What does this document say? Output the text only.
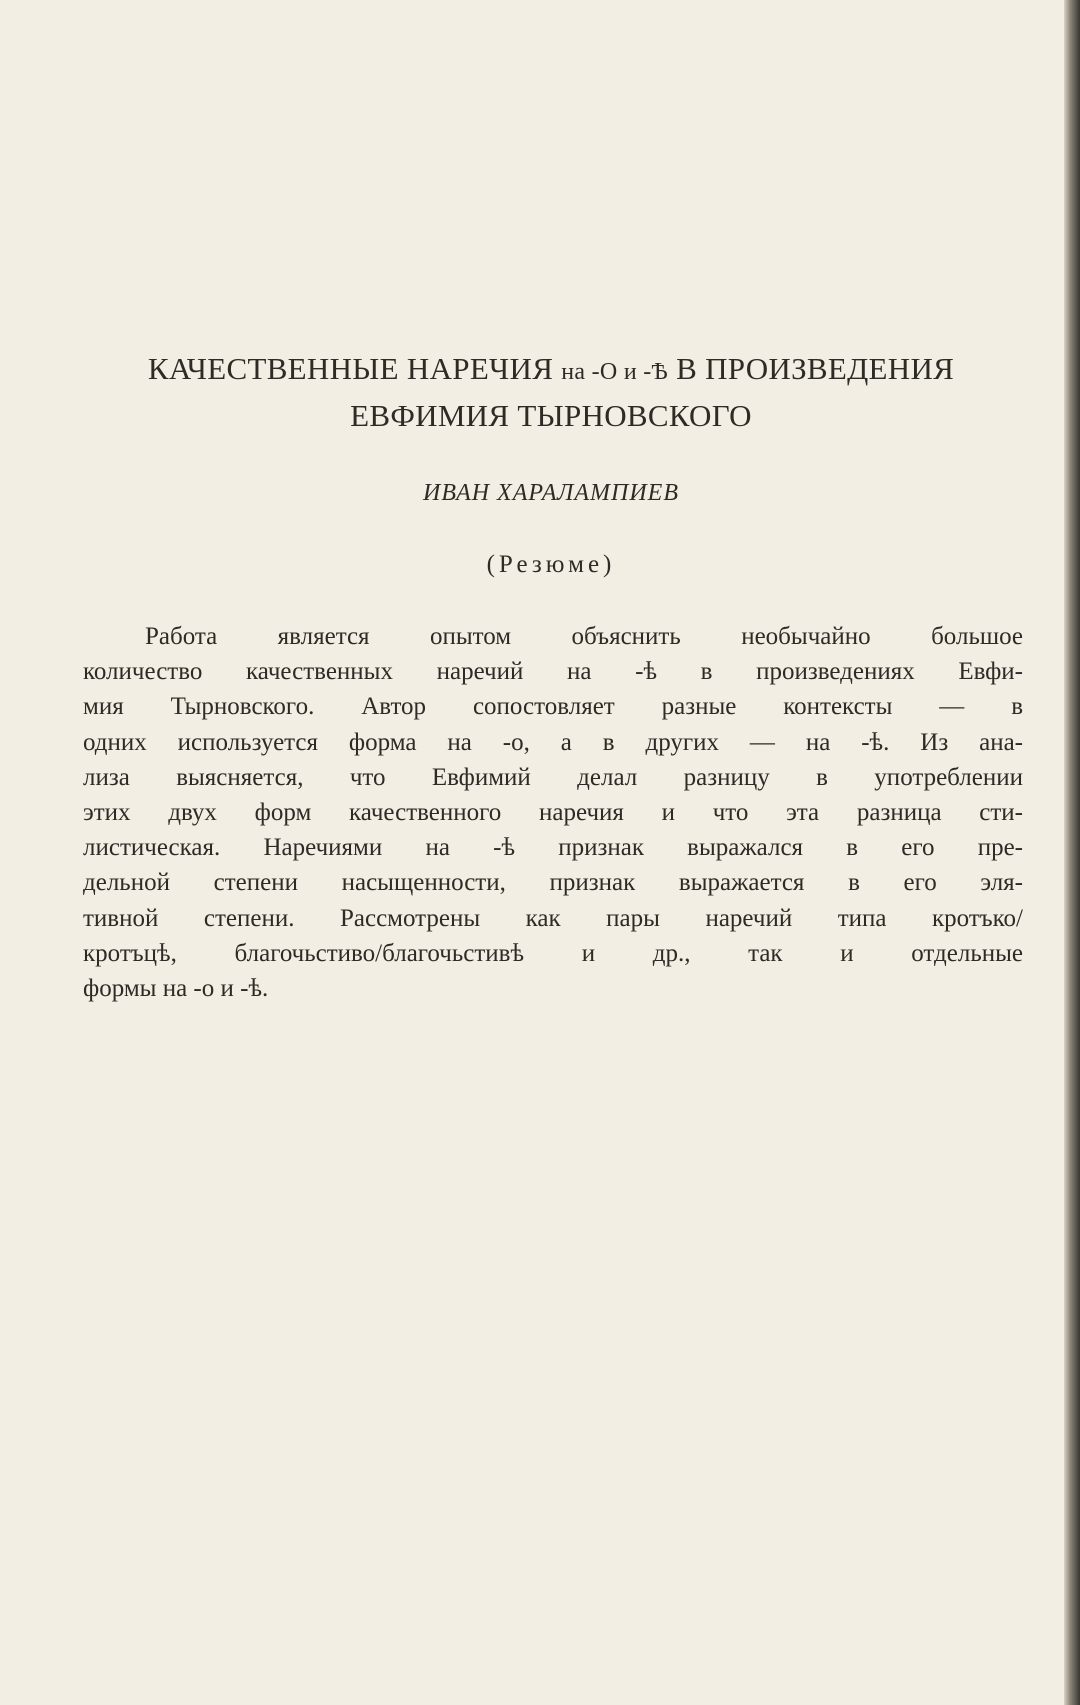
КАЧЕСТВЕННЫЕ НАРЕЧИЯ на -О и -Ѣ В ПРОИЗВЕДЕНИЯ
ЕВФИМИЯ ТЫРНОВСКОГО
ИВАН ХАРАЛАМПИЕВ
(Резюме)
Работа является опытом объяснить необычайно большое
количество качественных наречий на -ѣ в произведениях Евфи-
мия Тырновского. Автор сопостовляет разные контексты — в
одних используется форма на -о, а в других — на -ѣ. Из ана-
лиза выясняется, что Евфимий делал разницу в употреблении
этих двух форм качественного наречия и что эта разница сти-
листическая. Наречиями на -ѣ признак выражался в его пре-
дельной степени насыщенности, признак выражается в его эля-
тивной степени. Рассмотрены как пары наречий типа кротъко/
кротъцѣ, благочьстиво/благочьстивѣ и др., так и отдельные
формы на -о и -ѣ.
